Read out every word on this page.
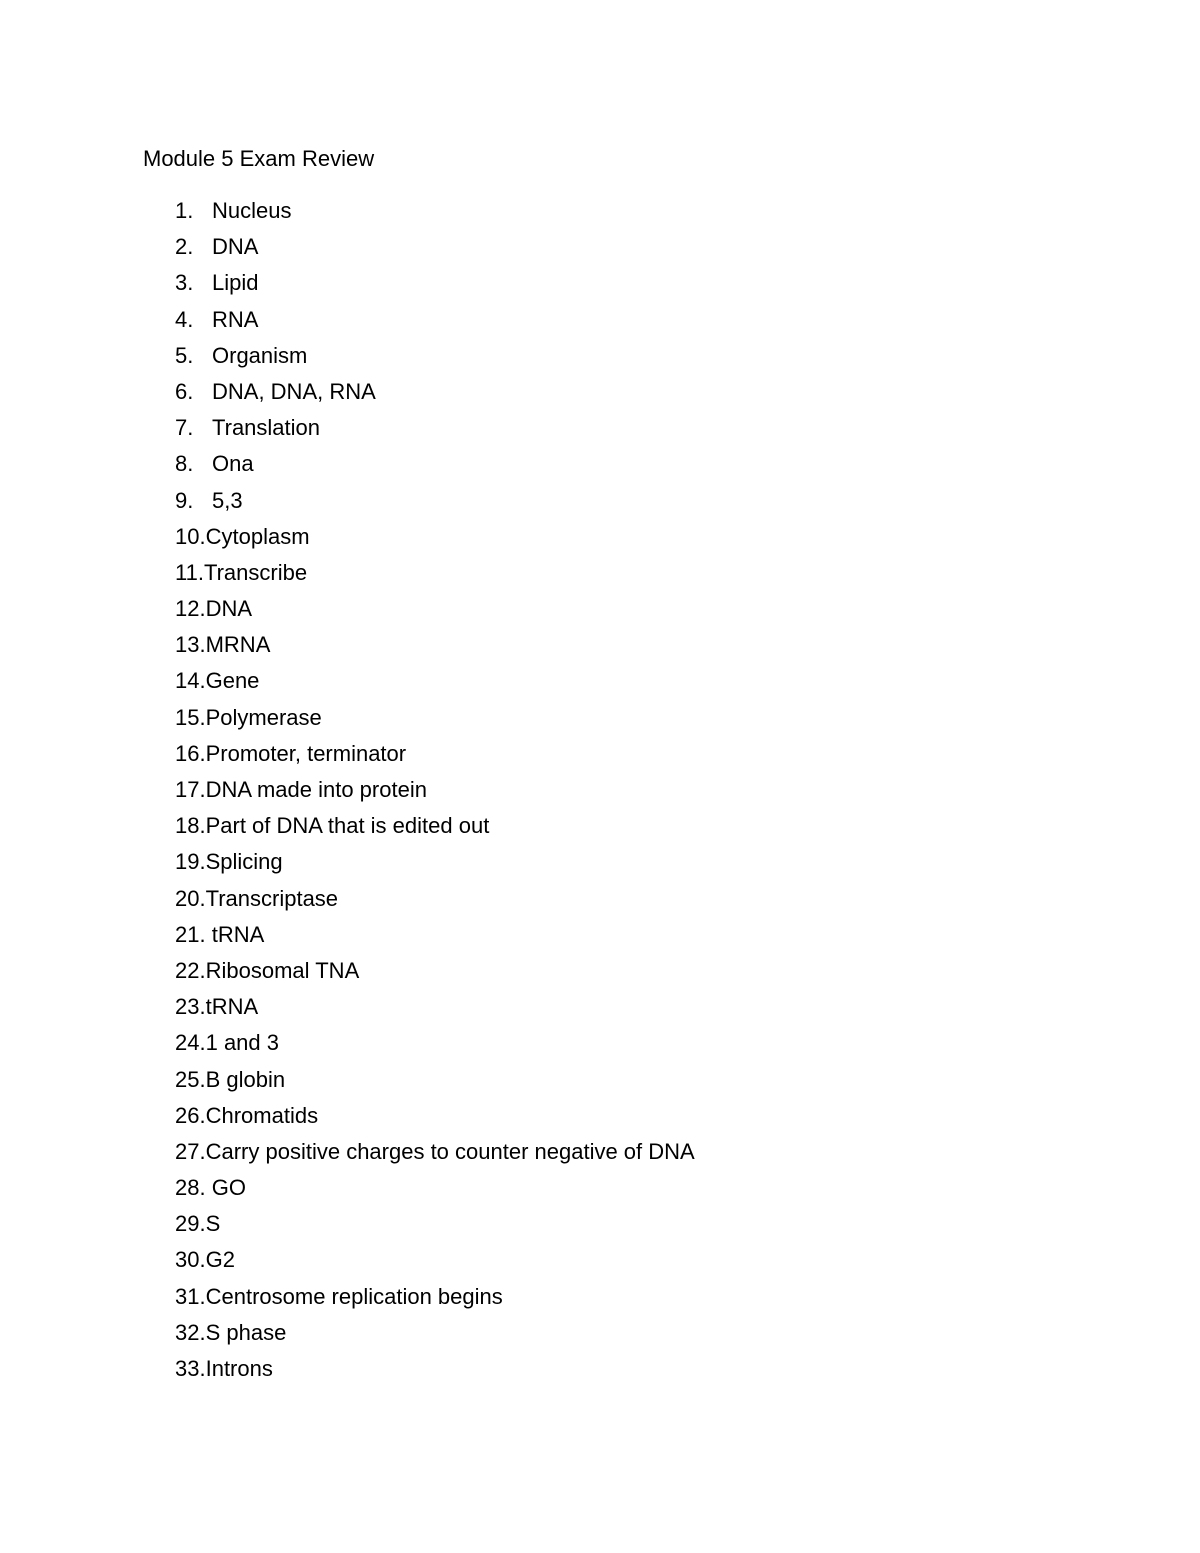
Module 5 Exam Review
1. Nucleus
2. DNA
3. Lipid
4. RNA
5. Organism
6. DNA, DNA, RNA
7. Translation
8. Ona
9. 5,3
10. Cytoplasm
11. Transcribe
12. DNA
13. MRNA
14. Gene
15. Polymerase
16. Promoter, terminator
17. DNA made into protein
18. Part of DNA that is edited out
19. Splicing
20. Transcriptase
21. tRNA
22. Ribosomal TNA
23. tRNA
24. 1 and 3
25. B globin
26. Chromatids
27. Carry positive charges to counter negative of DNA
28. GO
29. S
30. G2
31. Centrosome replication begins
32. S phase
33. Introns
